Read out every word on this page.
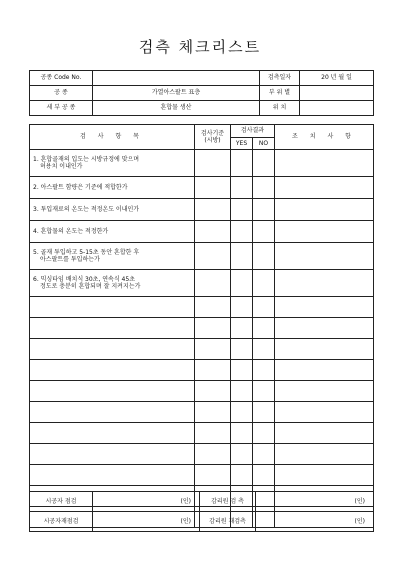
검측 체크리스트
공종 Code No.		검측일자	20 년 월 일
공 종	가열아스팔트 표층	부 위 별	
세 부 공 종	혼합물 생산	위 치	
검 사 항 목	검사기준 (시방)	검사결과		조 치 사 항
		YES	NO	

1. 혼합골재의 입도는 시방규정에 맞으며
허용치 이내인가				

2. 아스팔트 함량은 기준에 적합한가				

3. 투입재료의 온도는 적정온도 이내인가				

4. 혼합물의 온도는 적정한가				

5. 골재 투입하고 5-15초 동안 혼합한 후
아스팔트를 투입하는가				

6. 믹싱타임 배치식 30초, 연속식 45초
정도로 충분히 혼합되며 잘 지켜지는가				

시공자 점검	(인)	감리원 검 측	(인)
시공자재점검	(인)	감리원 재검측	(인)
